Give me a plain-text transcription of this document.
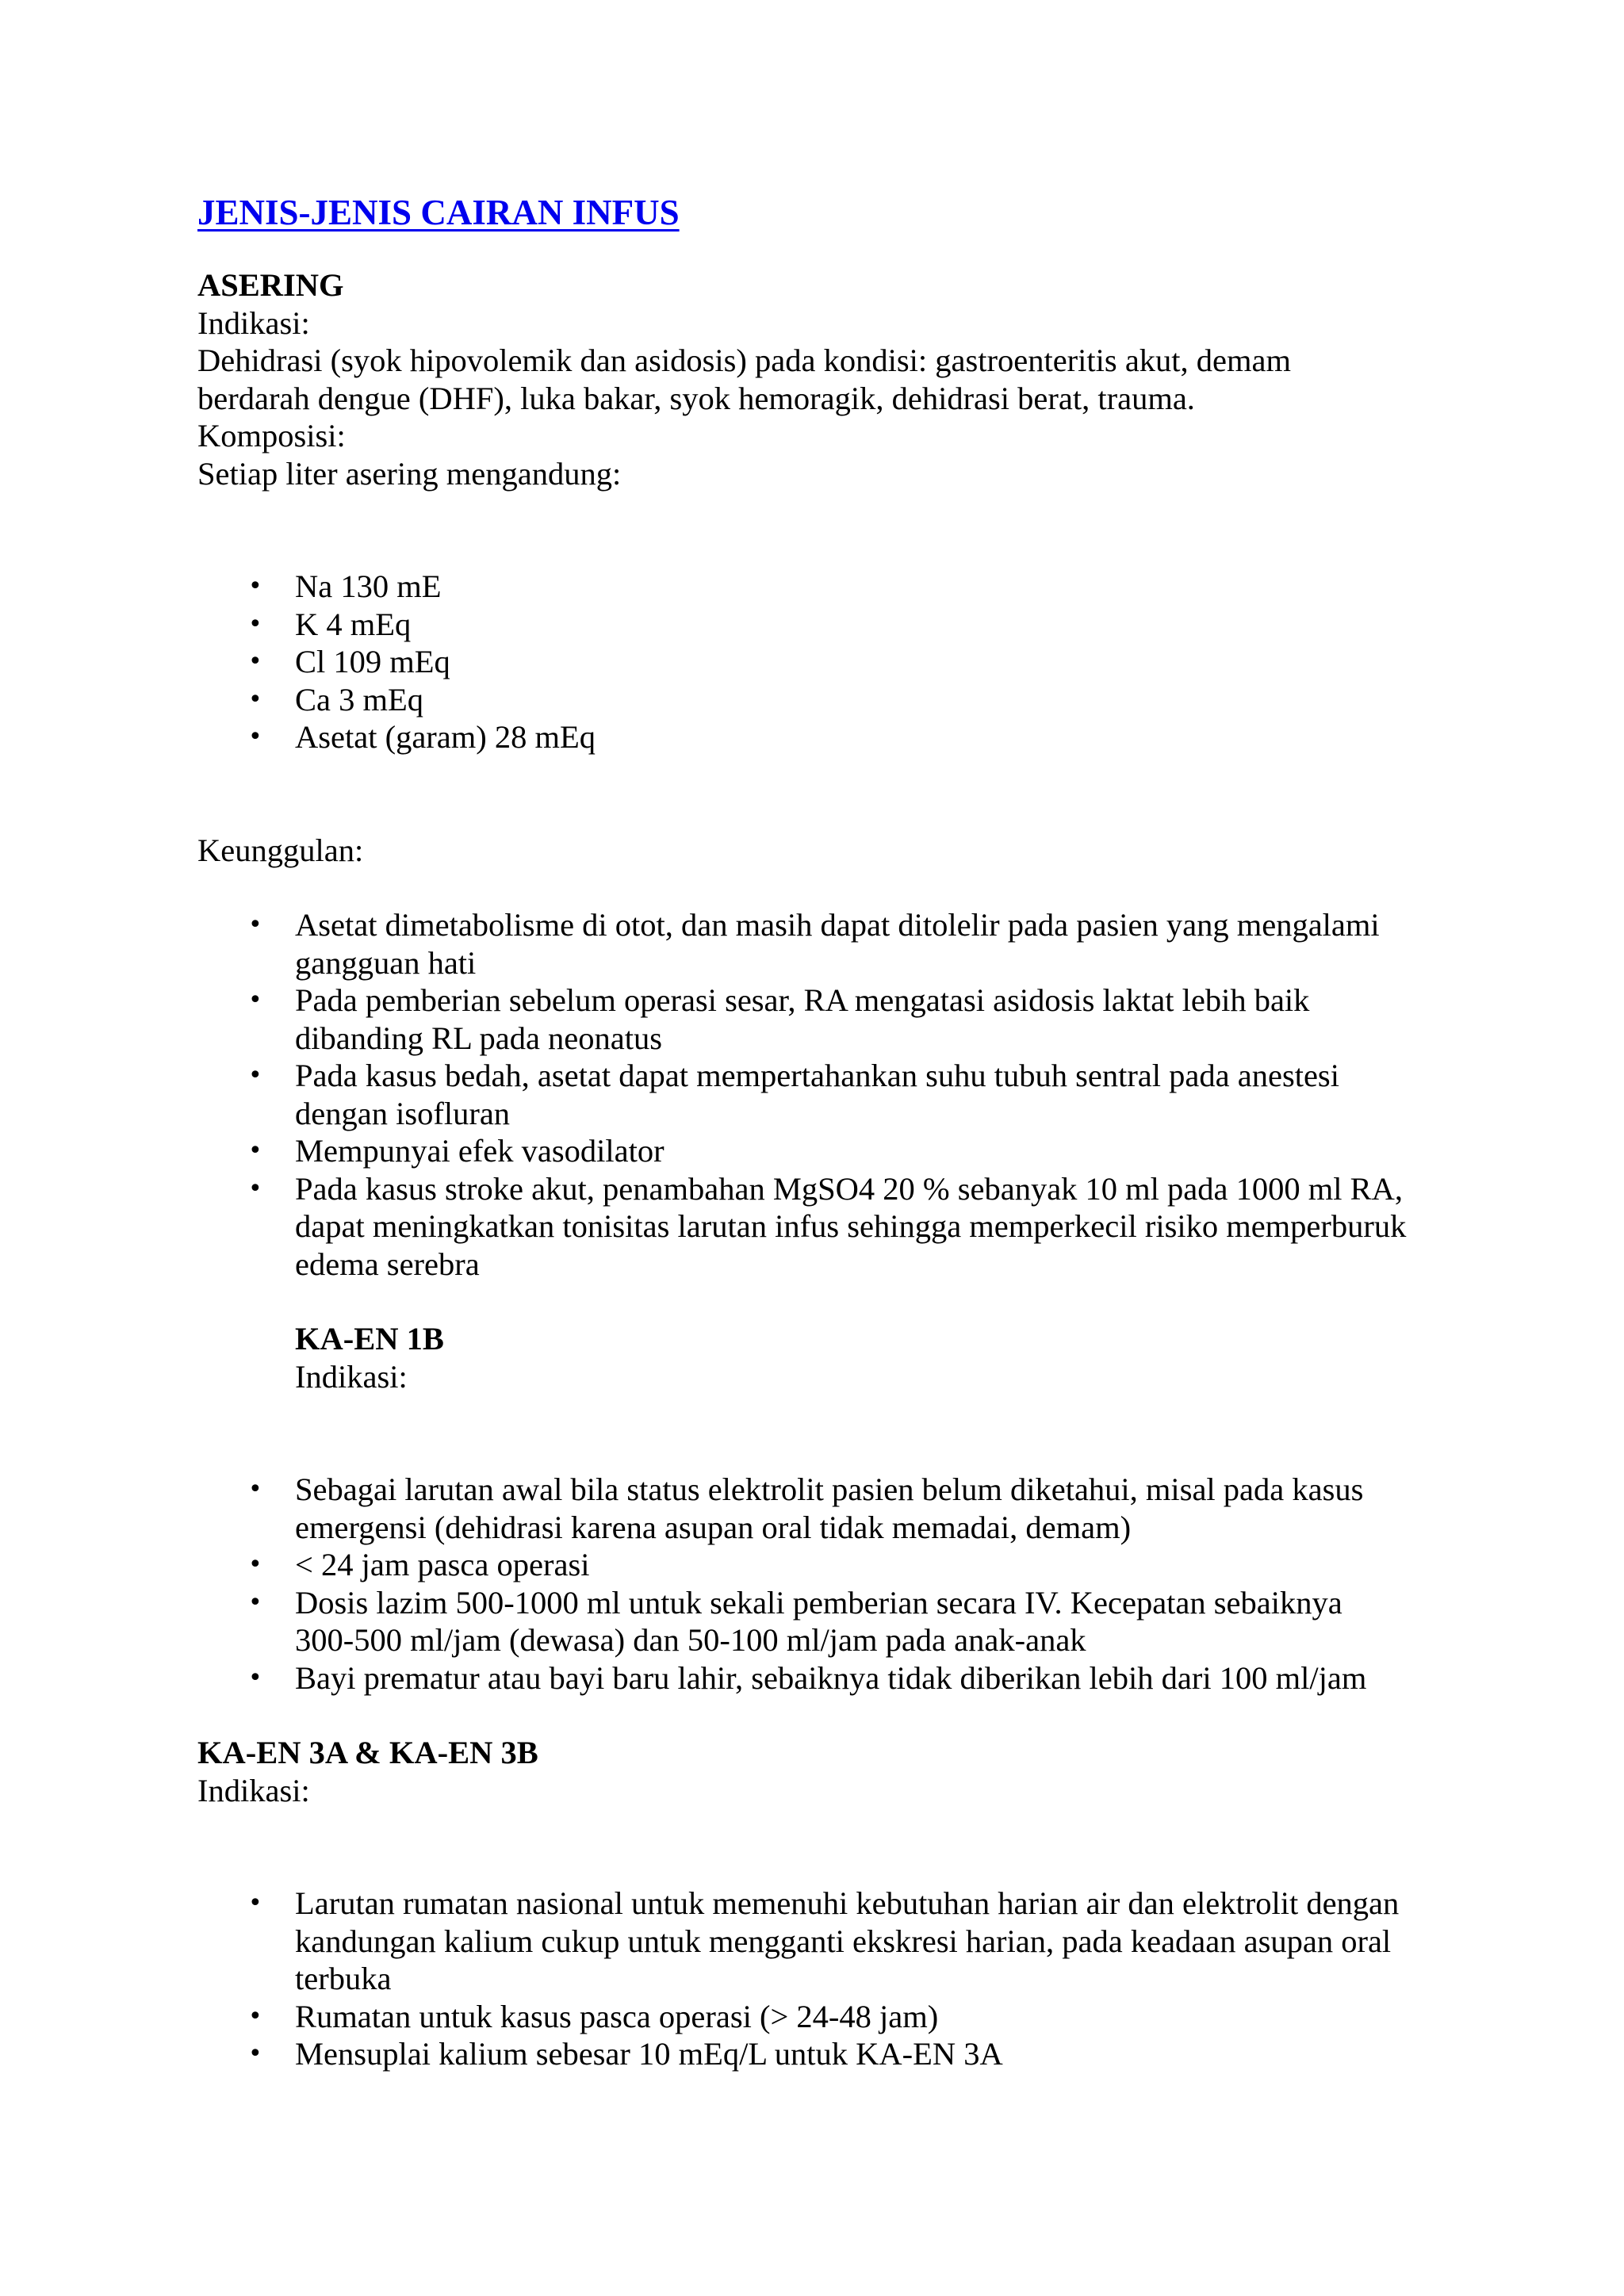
JENIS-JENIS CAIRAN INFUS

ASERING

Indikasi:

Dehidrasi (syok hipovolemik dan asidosis) pada kondisi: gastroenteritis akut, demam

berdarah dengue (DHF), luka bakar, syok hemoragik, dehidrasi berat, trauma.

Komposisi:

Setiap liter asering mengandung:

• Na 130 mE
• K 4 mEq
• Cl 109 mEq
• Ca 3 mEq
• Asetat (garam) 28 mEq

Keunggulan:

• Asetat dimetabolisme di otot, dan masih dapat ditolelir pada pasien yang mengalami
gangguan hati
• Pada pemberian sebelum operasi sesar, RA mengatasi asidosis laktat lebih baik
dibanding RL pada neonatus
• Pada kasus bedah, asetat dapat mempertahankan suhu tubuh sentral pada anestesi
dengan isofluran
• Mempunyai efek vasodilator
• Pada kasus stroke akut, penambahan MgSO4 20 % sebanyak 10 ml pada 1000 ml RA,
dapat meningkatkan tonisitas larutan infus sehingga memperkecil risiko memperburuk
edema serebra

KA-EN 1B

Indikasi:

• Sebagai larutan awal bila status elektrolit pasien belum diketahui, misal pada kasus
emergensi (dehidrasi karena asupan oral tidak memadai, demam)
• < 24 jam pasca operasi
• Dosis lazim 500-1000 ml untuk sekali pemberian secara IV. Kecepatan sebaiknya
300-500 ml/jam (dewasa) dan 50-100 ml/jam pada anak-anak
• Bayi prematur atau bayi baru lahir, sebaiknya tidak diberikan lebih dari 100 ml/jam

KA-EN 3A & KA-EN 3B

Indikasi:

• Larutan rumatan nasional untuk memenuhi kebutuhan harian air dan elektrolit dengan
kandungan kalium cukup untuk mengganti ekskresi harian, pada keadaan asupan oral
terbuka
• Rumatan untuk kasus pasca operasi (> 24-48 jam)
• Mensuplai kalium sebesar 10 mEq/L untuk KA-EN 3A
